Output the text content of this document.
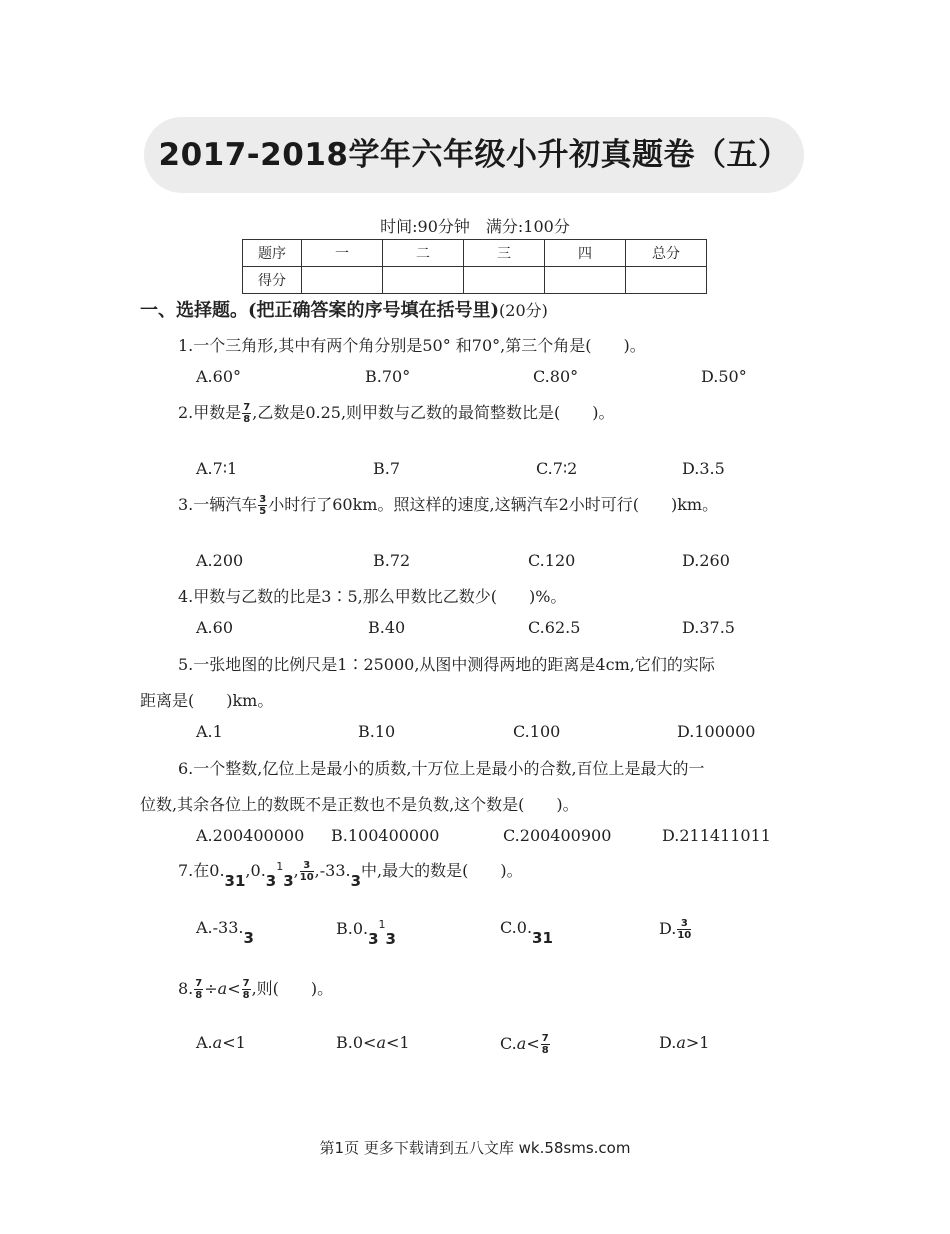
2017-2018学年六年级小升初真题卷（五）
时间:90分钟　满分:100分
题序	一	二	三	四	总分
得分					
一、选择题。(把正确答案的序号填在括号里)(20分)
1.一个三角形,其中有两个角分别是50° 和70°,第三个角是(　　)。
A.60°	B.70°	C.80°	D.50°
2.甲数是 $\frac{7}{8}$ ,乙数是0.25,则甲数与乙数的最简整数比是(　　)。
A.7∶1	B.7	C.7∶2	D.3.5
3.一辆汽车 $\frac{3}{5}$ 小时行了60km。照这样的速度,这辆汽车2小时可行(　　)km。
A.200	B.72	C.120	D.260
4.甲数与乙数的比是3∶5,那么甲数比乙数少(　　)%。
A.60	B.40	C.62.5	D.37.5
5.一张地图的比例尺是1∶25000,从图中测得两地的距离是4cm,它们的实际
距离是(　　)km。
A.1	B.10	C.100	D.100000
6.一个整数,亿位上是最小的质数,十万位上是最小的合数,百位上是最大的一
位数,其余各位上的数既不是正数也不是负数,这个数是(　　)。
A.200400000 B.100400000	C.200400900	D.211411011
7.在0.31,0.3$^1$3, $\frac{3}{10} ,-33.3$中,最大的数是(　　)。
A.-33.3	B.0.3$^1$3
C.0.31	D. $\frac{3}{10}$
8. $\frac{7}{8} \div a< \frac{7}{8}$ ,则(　　)。
A.a<1	B.0<a<1	$C.a< \frac{7}{8}$	D.a>1
第1页 更多下载请到五八文库 wk.58sms.com
